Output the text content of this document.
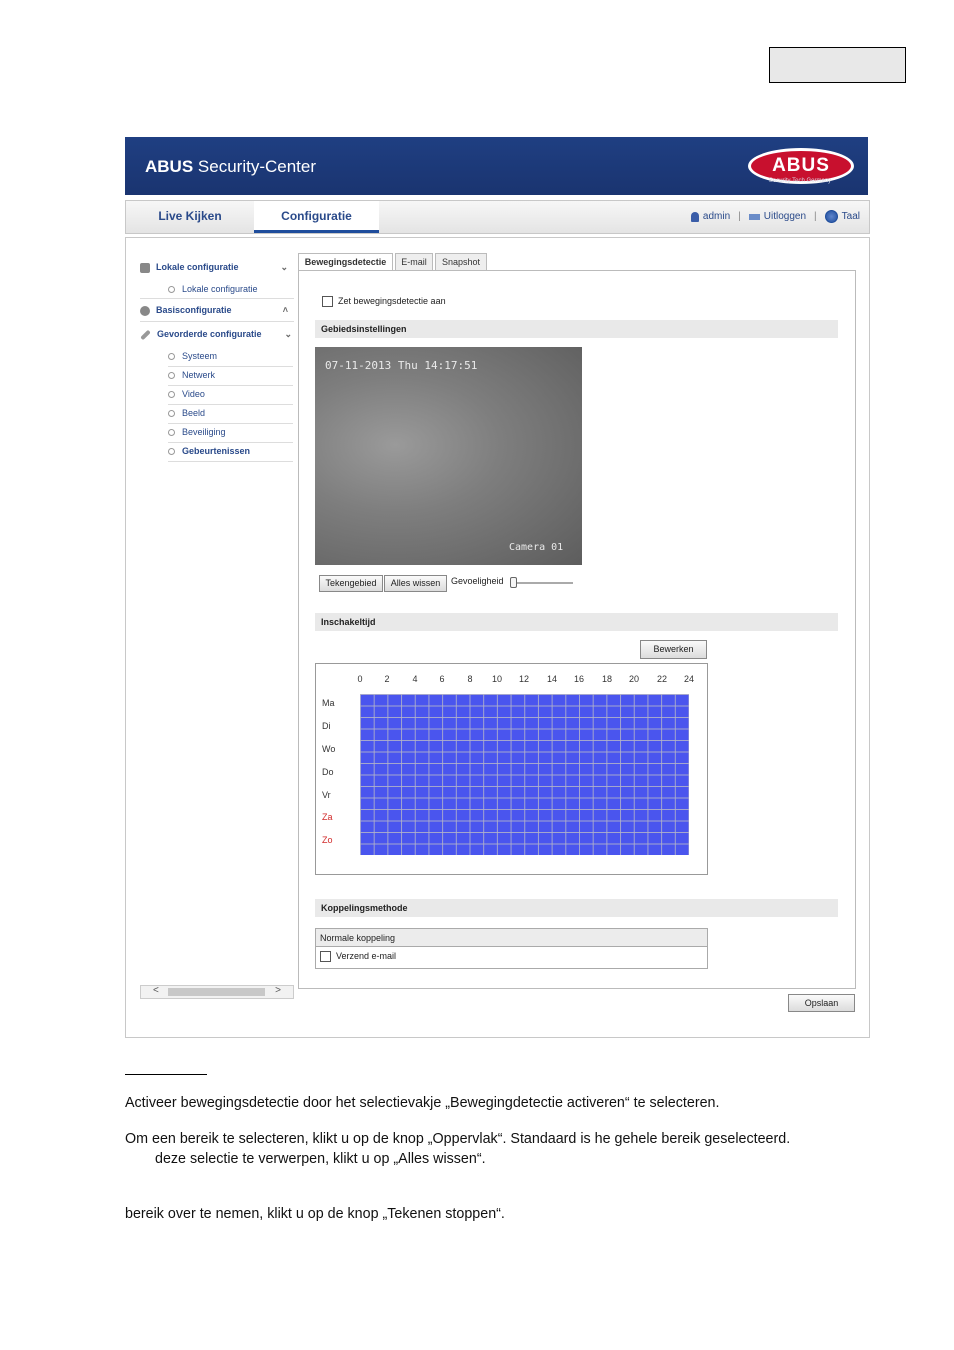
ABUS Security-Center	ABUS
Security Tech Germany
Live Kijken	Configuratie	admin | Uitloggen |	Taal
Lokale configuratie	⌄
Lokale configuratie
Basisconfiguratie	˄
Gevorderde configuratie	⌄
Systeem
Netwerk
Video
Beeld
Beveiliging
Gebeurtenissen
<	>
Bewegingsdetectie	E-mail	Snapshot
Zet bewegingsdetectie aan
Gebiedsinstellingen
07-11-2013 Thu 14:17:51
Camera 01
Tekengebied	Alles wissen	Gevoeligheid
Inschakeltijd
Bewerken
0	2	4	6	8	10	12	14	16	18	20	22	24
Ma
Di
Wo
Do
Vr
Za
Zo
Koppelingsmethode
Normale koppeling
Verzend e-mail
Opslaan
Activeer bewegingsdetectie door het selectievakje „Bewegingdetectie activeren“ te selecteren.
Om een bereik te selecteren, klikt u op de knop „Oppervlak“. Standaard is he gehele bereik geselecteerd.
deze selectie te verwerpen, klikt u op „Alles wissen“.
bereik over te nemen, klikt u op de knop „Tekenen stoppen“.
